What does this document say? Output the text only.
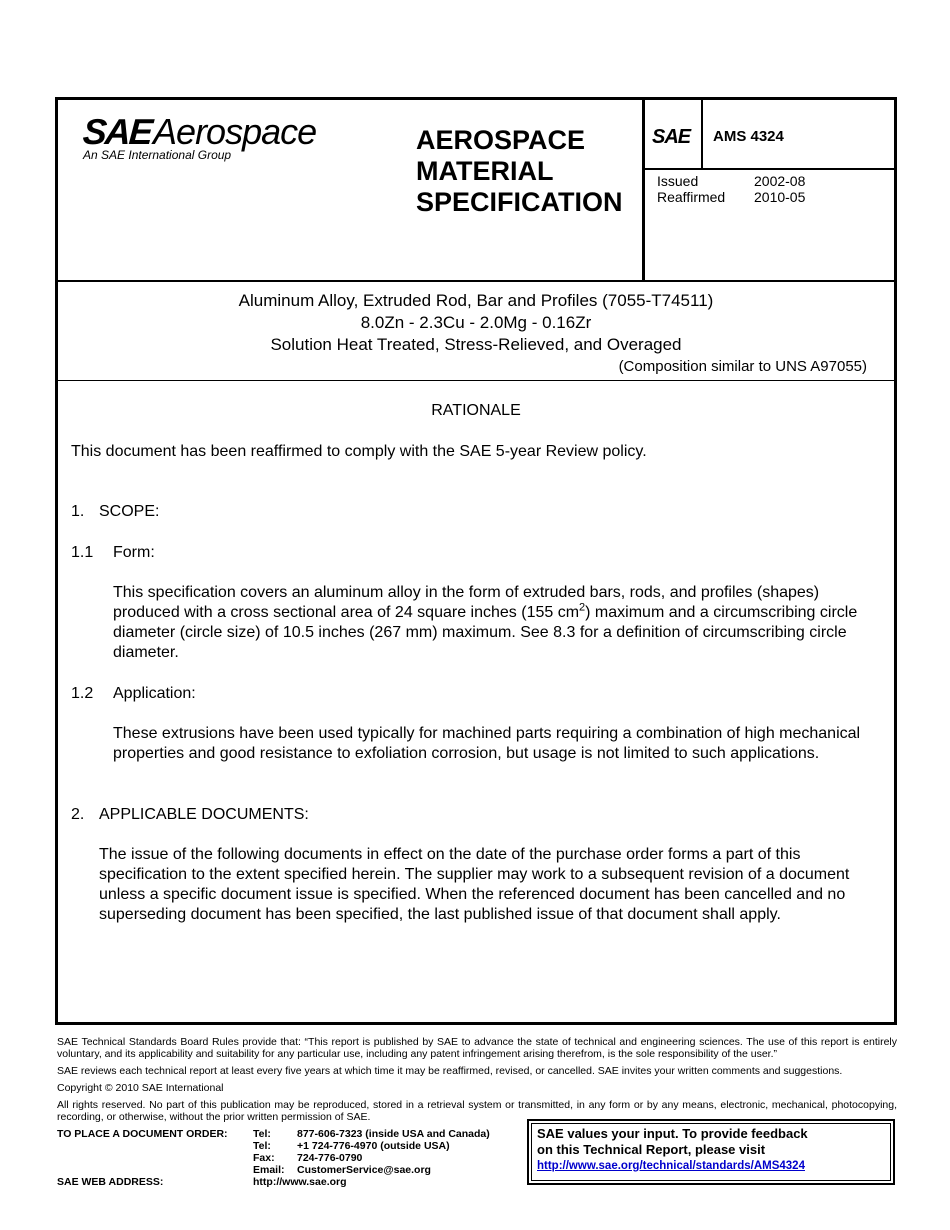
SAE Aerospace
An SAE International Group	AEROSPACE
MATERIAL
SPECIFICATION
SAE AMS 4324
Issued	2002-08
Reaffirmed	2010-05
Aluminum Alloy, Extruded Rod, Bar and Profiles (7055-T74511)
8.0Zn - 2.3Cu - 2.0Mg - 0.16Zr
Solution Heat Treated, Stress-Relieved, and Overaged
(Composition similar to UNS A97055)
RATIONALE
This document has been reaffirmed to comply with the SAE 5-year Review policy.
1. SCOPE:
1.1 Form:
This specification covers an aluminum alloy in the form of extruded bars, rods, and profiles (shapes) produced with a cross sectional area of 24 square inches (155 $cm^2$) maximum and a circumscribing circle diameter (circle size) of 10.5 inches (267 mm) maximum. See 8.3 for a definition of circumscribing circle diameter.
1.2 Application:
These extrusions have been used typically for machined parts requiring a combination of high mechanical properties and good resistance to exfoliation corrosion, but usage is not limited to such applications.
2. APPLICABLE DOCUMENTS:
The issue of the following documents in effect on the date of the purchase order forms a part of this specification to the extent specified herein. The supplier may work to a subsequent revision of a document unless a specific document issue is specified. When the referenced document has been cancelled and no superseding document has been specified, the last published issue of that document shall apply.
SAE Technical Standards Board Rules provide that: “This report is published by SAE to advance the state of technical and engineering sciences. The use of this report is entirely voluntary, and its applicability and suitability for any particular use, including any patent infringement arising therefrom, is the sole responsibility of the user.”
SAE reviews each technical report at least every five years at which time it may be reaffirmed, revised, or cancelled. SAE invites your written comments and suggestions.
Copyright © 2010 SAE International
All rights reserved. No part of this publication may be reproduced, stored in a retrieval system or transmitted, in any form or by any means, electronic, mechanical, photocopying, recording, or otherwise, without the prior written permission of SAE.
TO PLACE A DOCUMENT ORDER:	Tel:	877-606-7323 (inside USA and Canada)
Tel:	+1 724-776-4970 (outside USA)
Fax:	724-776-0790
Email:	CustomerService@sae.org
SAE WEB ADDRESS:	http://www.sae.org
SAE values your input. To provide feedback
on this Technical Report, please visit
http://www.sae.org/technical/standards/AMS4324
